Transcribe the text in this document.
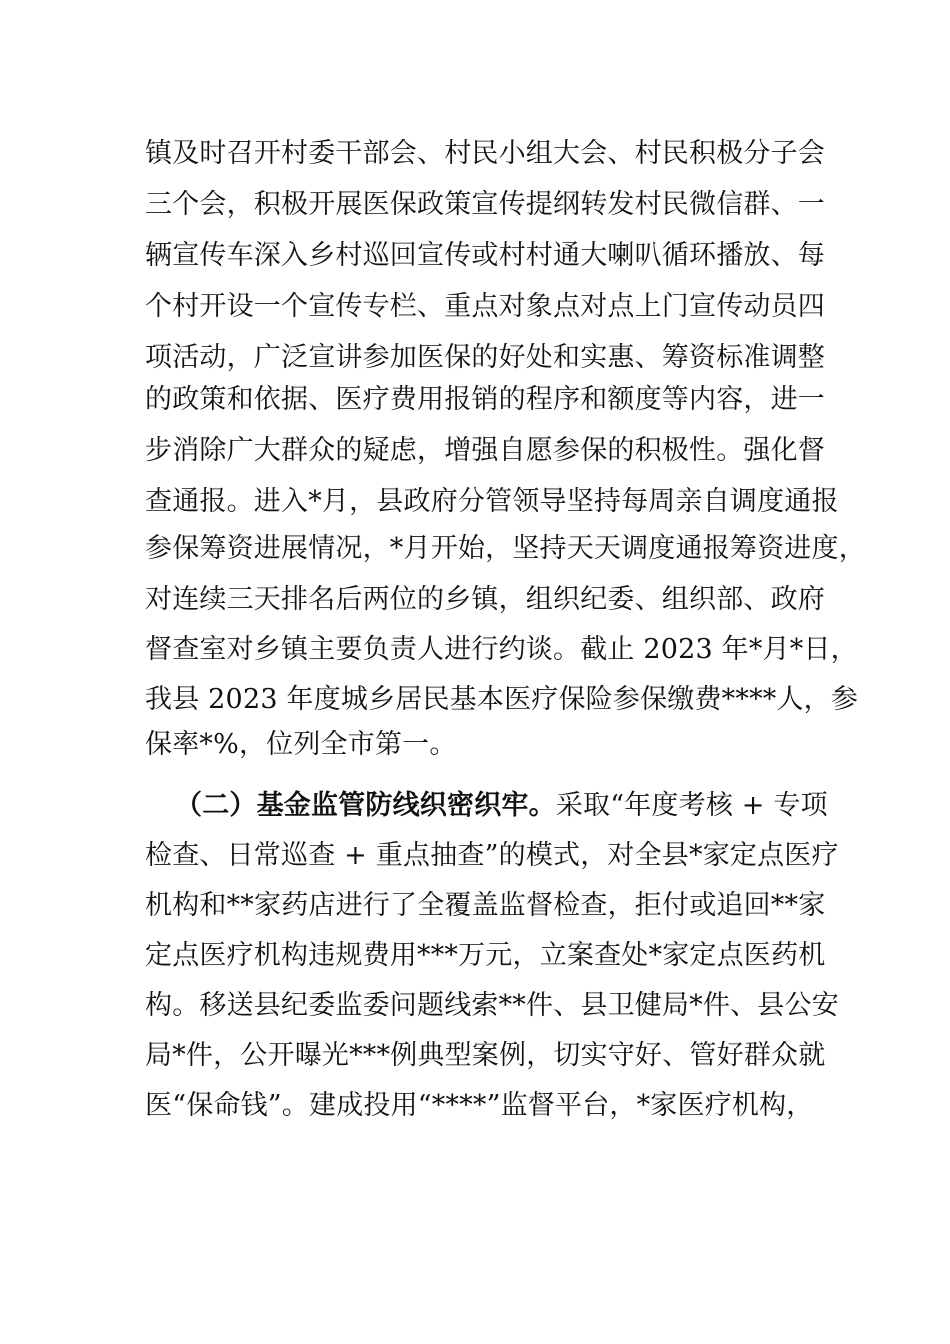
镇及时召开村委干部会、村民小组大会、村民积极分子会
三个会，积极开展医保政策宣传提纲转发村民微信群、一
辆宣传车深入乡村巡回宣传或村村通大喇叭循环播放、每
个村开设一个宣传专栏、重点对象点对点上门宣传动员四
项活动，广泛宣讲参加医保的好处和实惠、筹资标准调整
的政策和依据、医疗费用报销的程序和额度等内容，进一
步消除广大群众的疑虑，增强自愿参保的积极性。强化督
查通报。进入*月，县政府分管领导坚持每周亲自调度通报
参保筹资进展情况，*月开始，坚持天天调度通报筹资进度，
对连续三天排名后两位的乡镇，组织纪委、组织部、政府
督查室对乡镇主要负责人进行约谈。截止 2023 年*月*日，
我县 2023 年度城乡居民基本医疗保险参保缴费****人，参
保率*%，位列全市第一。
（二）基金监管防线织密织牢。采取“年度考核 + 专项
检查、日常巡查 + 重点抽查”的模式，对全县*家定点医疗
机构和**家药店进行了全覆盖监督检查，拒付或追回**家
定点医疗机构违规费用***万元，立案查处*家定点医药机
构。移送县纪委监委问题线索**件、县卫健局*件、县公安
局*件，公开曝光***例典型案例，切实守好、管好群众就
医“保命钱”。建成投用“****”监督平台，*家医疗机构，
